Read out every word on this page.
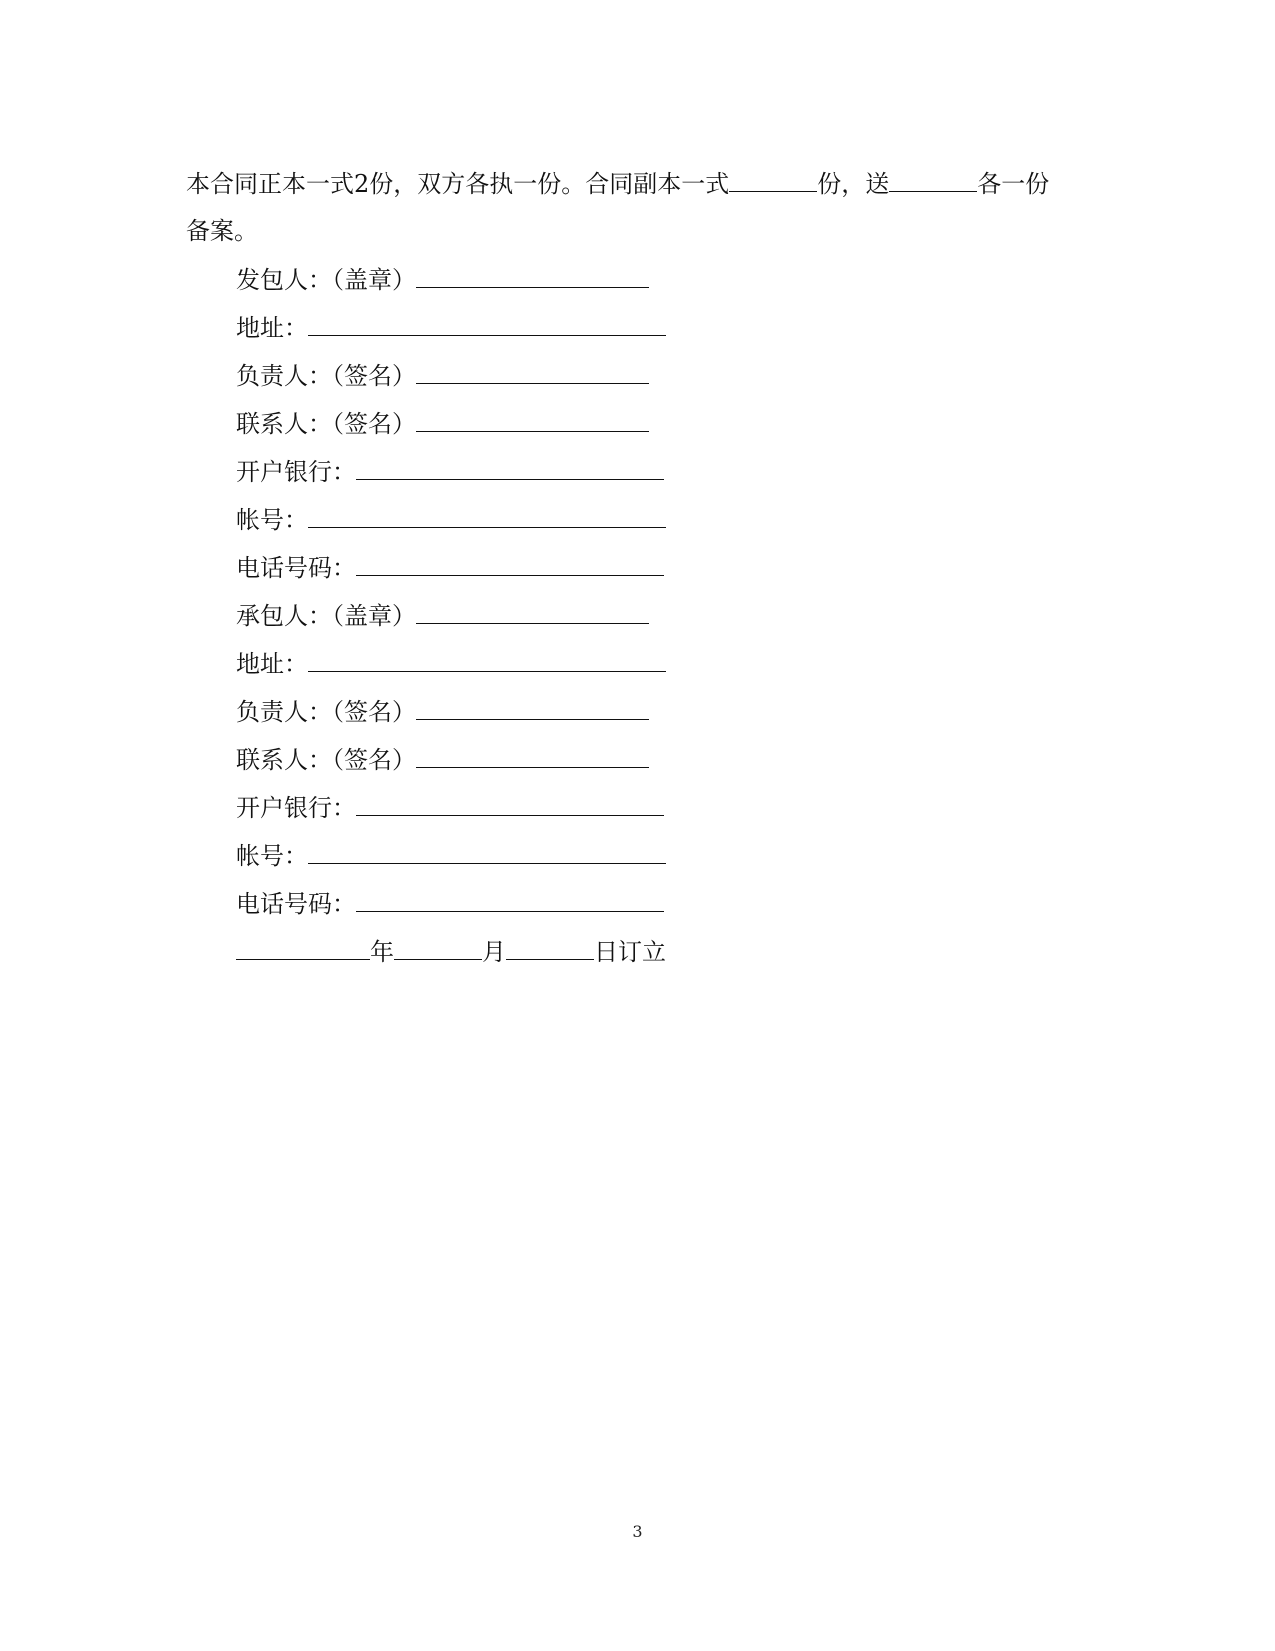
本合同正本一式2份，双方各执一份。合同副本一式	份，送	各一份
备案。
发包人：（盖章）
地址：
负责人：（签名）
联系人：（签名）
开户银行：
帐号：
电话号码：
承包人：（盖章）
地址：
负责人：（签名）
联系人：（签名）
开户银行：
帐号：
电话号码：
年	月	日订立
3
